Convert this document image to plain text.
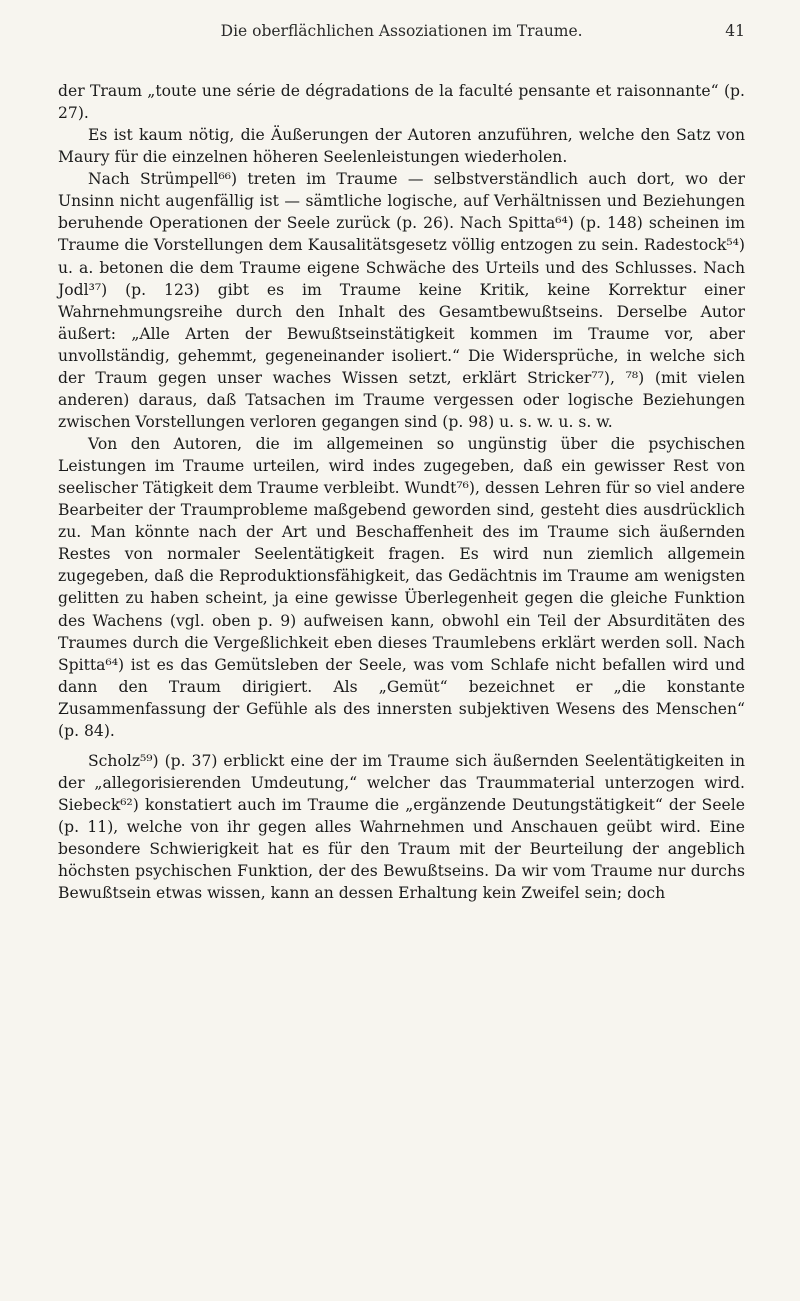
Die oberflächlichen Assoziationen im Traume.	41

der Traum „toute une série de dégradations de la faculté pensante et raisonnante“ (p. 27).

Es ist kaum nötig, die Äußerungen der Autoren anzuführen, welche den Satz von Maury für die einzelnen höheren Seelenleistungen wiederholen.

Nach Strümpell⁶⁶) treten im Traume — selbstverständlich auch dort, wo der Unsinn nicht augenfällig ist — sämtliche logische, auf Verhältnissen und Beziehungen beruhende Operationen der Seele zurück (p. 26). Nach Spitta⁶⁴) (p. 148) scheinen im Traume die Vorstellungen dem Kausalitätsgesetz völlig entzogen zu sein. Radestock⁵⁴) u. a. betonen die dem Traume eigene Schwäche des Urteils und des Schlusses. Nach Jodl³⁷) (p. 123) gibt es im Traume keine Kritik, keine Korrektur einer Wahrnehmungsreihe durch den Inhalt des Gesamtbewußtseins. Derselbe Autor äußert: „Alle Arten der Bewußtseinstätigkeit kommen im Traume vor, aber unvollständig, gehemmt, gegeneinander isoliert.“ Die Widersprüche, in welche sich der Traum gegen unser waches Wissen setzt, erklärt Stricker⁷⁷), ⁷⁸) (mit vielen anderen) daraus, daß Tatsachen im Traume vergessen oder logische Beziehungen zwischen Vorstellungen verloren gegangen sind (p. 98) u. s. w. u. s. w.

Von den Autoren, die im allgemeinen so ungünstig über die psychischen Leistungen im Traume urteilen, wird indes zugegeben, daß ein gewisser Rest von seelischer Tätigkeit dem Traume verbleibt. Wundt⁷⁶), dessen Lehren für so viel andere Bearbeiter der Traumprobleme maßgebend geworden sind, gesteht dies ausdrücklich zu. Man könnte nach der Art und Beschaffenheit des im Traume sich äußernden Restes von normaler Seelentätigkeit fragen. Es wird nun ziemlich allgemein zugegeben, daß die Reproduktionsfähigkeit, das Gedächtnis im Traume am wenigsten gelitten zu haben scheint, ja eine gewisse Überlegenheit gegen die gleiche Funktion des Wachens (vgl. oben p. 9) aufweisen kann, obwohl ein Teil der Absurditäten des Traumes durch die Vergeßlichkeit eben dieses Traumlebens erklärt werden soll. Nach Spitta⁶⁴) ist es das Gemütsleben der Seele, was vom Schlafe nicht befallen wird und dann den Traum dirigiert. Als „Gemüt“ bezeichnet er „die konstante Zusammenfassung der Gefühle als des innersten subjektiven Wesens des Menschen“ (p. 84).

Scholz⁵⁹) (p. 37) erblickt eine der im Traume sich äußernden Seelentätigkeiten in der „allegorisierenden Umdeutung,“ welcher das Traummaterial unterzogen wird. Siebeck⁶²) konstatiert auch im Traume die „ergänzende Deutungstätigkeit“ der Seele (p. 11), welche von ihr gegen alles Wahrnehmen und Anschauen geübt wird. Eine besondere Schwierigkeit hat es für den Traum mit der Beurteilung der angeblich höchsten psychischen Funktion, der des Bewußtseins. Da wir vom Traume nur durchs Bewußtsein etwas wissen, kann an dessen Erhaltung kein Zweifel sein; doch
